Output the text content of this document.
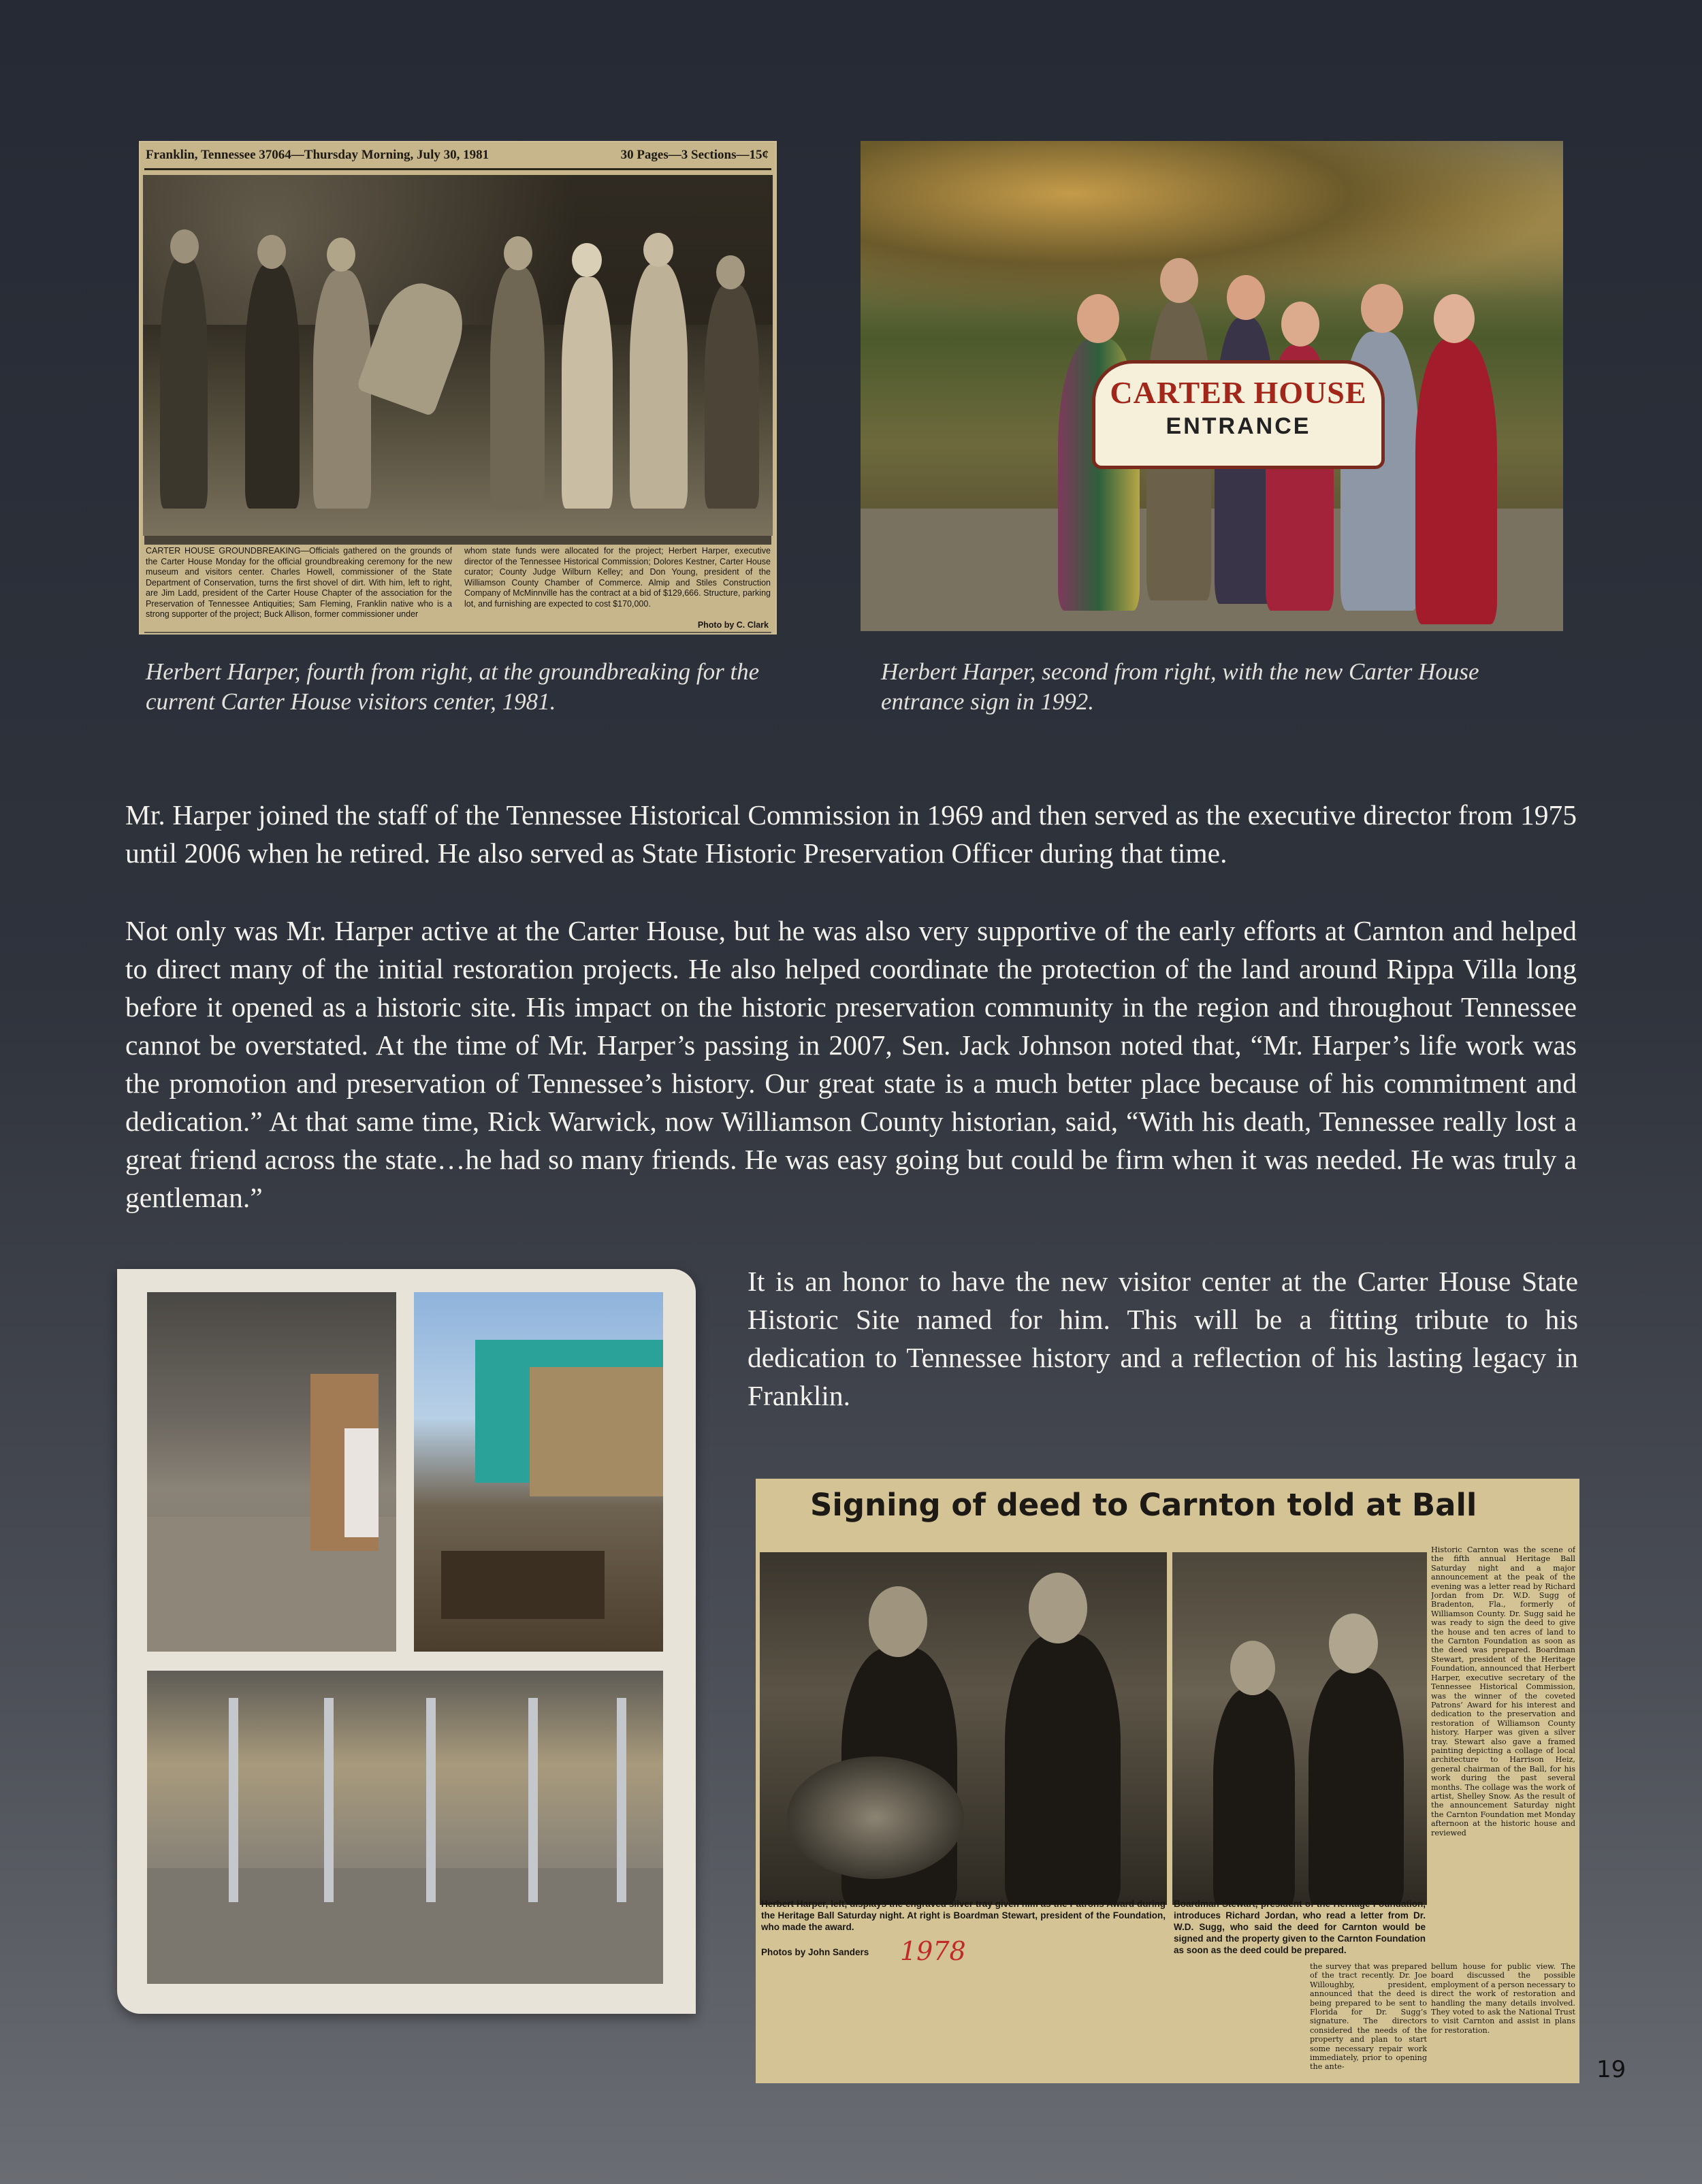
Franklin, Tennessee 37064—Thursday Morning, July 30, 1981	30 Pages—3 Sections—15¢
CARTER HOUSE GROUNDBREAKING—Officials gathered on the grounds of the Carter House Monday for the official groundbreaking ceremony for the new museum and visitors center. Charles Howell, commissioner of the State Department of Conservation, turns the first shovel of dirt. With him, left to right, are Jim Ladd, president of the Carter House Chapter of the association for the Preservation of Tennessee Antiquities; Sam Fleming, Franklin native who is a strong supporter of the project; Buck Allison, former commissioner under
whom state funds were allocated for the project; Herbert Harper, executive director of the Tennessee Historical Commission; Dolores Kestner, Carter House curator; County Judge Wilburn Kelley; and Don Young, president of the Williamson County Chamber of Commerce. Almip and Stiles Construction Company of McMinnville has the contract at a bid of $129,666. Structure, parking lot, and furnishing are expected to cost $170,000.
Photo by C. Clark
Herbert Harper, fourth from right, at the groundbreaking for the current Carter House visitors center, 1981.
CARTER HOUSE
ENTRANCE
Herbert Harper, second from right, with the new Carter House entrance sign in 1992.
Mr. Harper joined the staff of the Tennessee Historical Commission in 1969 and then served as the executive director from 1975 until 2006 when he retired. He also served as State Historic Preservation Officer during that time.
Not only was Mr. Harper active at the Carter House, but he was also very supportive of the early efforts at Carnton and helped to direct many of the initial restoration projects. He also helped coordinate the protection of the land around Rippa Villa long before it opened as a historic site. His impact on the historic preservation community in the region and throughout Tennessee cannot be overstated. At the time of Mr. Harper’s passing in 2007, Sen. Jack Johnson noted that, “Mr. Harper’s life work was the promotion and preservation of Tennessee’s history. Our great state is a much better place because of his commitment and dedication.” At that same time, Rick Warwick, now Williamson County historian, said, “With his death, Tennessee really lost a great friend across the state…he had so many friends. He was easy going but could be firm when it was needed. He was truly a gentleman.”
It is an honor to have the new visitor center at the Carter House State Historic Site named for him. This will be a fitting tribute to his dedication to Tennessee history and a reflection of his lasting legacy in Franklin.
Signing of deed to Carnton told at Ball
Herbert Harper, left, displays the engraved silver tray given him as the Patrons Award during the Heritage Ball Saturday night. At right is Boardman Stewart, president of the Foundation, who made the award.
Photos by John Sanders 1978
Boardman Stewart, president of the Heritage Foundation, introduces Richard Jordan, who read a letter from Dr. W.D. Sugg, who said the deed for Carnton would be signed and the property given to the Carnton Foundation as soon as the deed could be prepared.
Historic Carnton was the scene of the fifth annual Heritage Ball Saturday night and a major announcement at the peak of the evening was a letter read by Richard Jordan from Dr. W.D. Sugg of Bradenton, Fla., formerly of Williamson County. Dr. Sugg said he was ready to sign the deed to give the house and ten acres of land to the Carnton Foundation as soon as the deed was prepared. Boardman Stewart, president of the Heritage Foundation, announced that Herbert Harper, executive secretary of the Tennessee Historical Commission, was the winner of the coveted Patrons’ Award for his interest and dedication to the preservation and restoration of Williamson County history. Harper was given a silver tray. Stewart also gave a framed painting depicting a collage of local architecture to Harrison Heiz, general chairman of the Ball, for his work during the past several months. The collage was the work of artist, Shelley Snow. As the result of the announcement Saturday night the Carnton Foundation met Monday afternoon at the historic house and reviewed
the survey that was prepared of the tract recently. Dr. Joe Willoughby, president, announced that the deed is being prepared to be sent to Florida for Dr. Sugg’s signature. The directors considered the needs of the property and plan to start some necessary repair work immediately, prior to opening the ante-
bellum house for public view. The board discussed the possible employment of a person necessary to direct the work of restoration and handling the many details involved. They voted to ask the National Trust to visit Carnton and assist in plans for restoration.
19
